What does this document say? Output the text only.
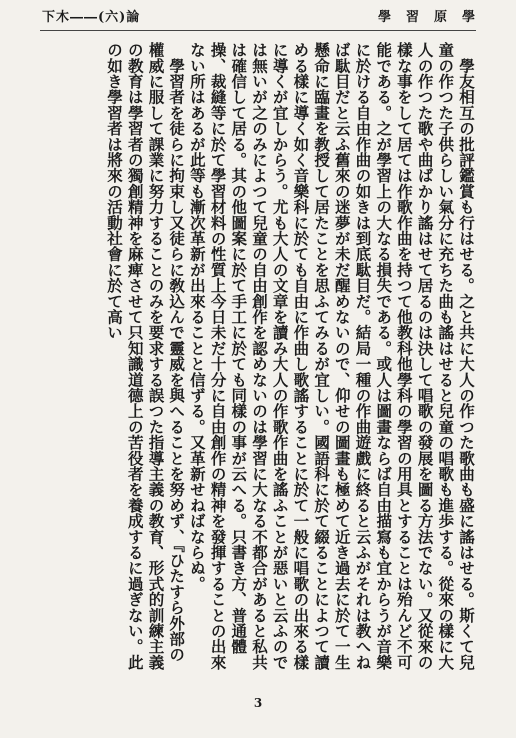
學　習　原　學
下木――(六)論

學友相互の批評鑑賞も行はせる。之と共に大人の作つた歌曲も盛に謠はせる。斯くて兒童の作つた子供らしい氣分に充ちた曲も謠はせると兒童の唱歌も進歩する。從來の樣に大人の作つた歌や曲ばかり謠はせて居るのは決して唱歌の發展を圖る方法でない。又從來の樣な事をして居ては作歌作曲を持つて他教科他學科の學習の用具とすることは殆んど不可能である。之が學習上の大なる損失である。或人は圖畫ならば自由描寫も宜からうが音樂に於ける自由作曲の如きは到底駄目だ。結局一種の作曲遊戲に終ると云ふがそれは教へねば駄目だと云ふ舊來の迷夢が未だ醒めないので、仰せの圖畫も極めて近き過去に於て一生懸命に臨畫を教授して居たことを思ふてみるが宜しい。國語科に於て綴ることによつて讀める樣に導く如く音樂科に於ても自由に作曲し歌謠することに於て一般に唱歌の出來る樣に導くが宜しからう。尤も大人の文章を讀み大人の作歌作曲を謠ふことが惡いと云ふのでは無いが之のみによつて兒童の自由創作を認めないのは學習に大なる不都合があると私共は確信して居る。其の他圖案に於て手工に於ても同樣の事が云へる。只書き方、普通體操、裁縫等に於て學習材料の性質上今日未だ十分に自由創作の精神を發揮することの出來ない所はあるが此等も漸次革新が出來ることと信ずる。又革新せねばならぬ。

學習者を徒らに拘束し又徒らに敎込んで靈威を與へることを努めず、『ひたすら外部の權威に服して課業に努力することのみを要求する誤つた指導主義の教育、形式的訓練主義の教育は學習者の獨創精神を麻痺させて只知識道德上の苦役者を養成するに過ぎない。此の如き學習者は將來の活動社會に於て高い

3
